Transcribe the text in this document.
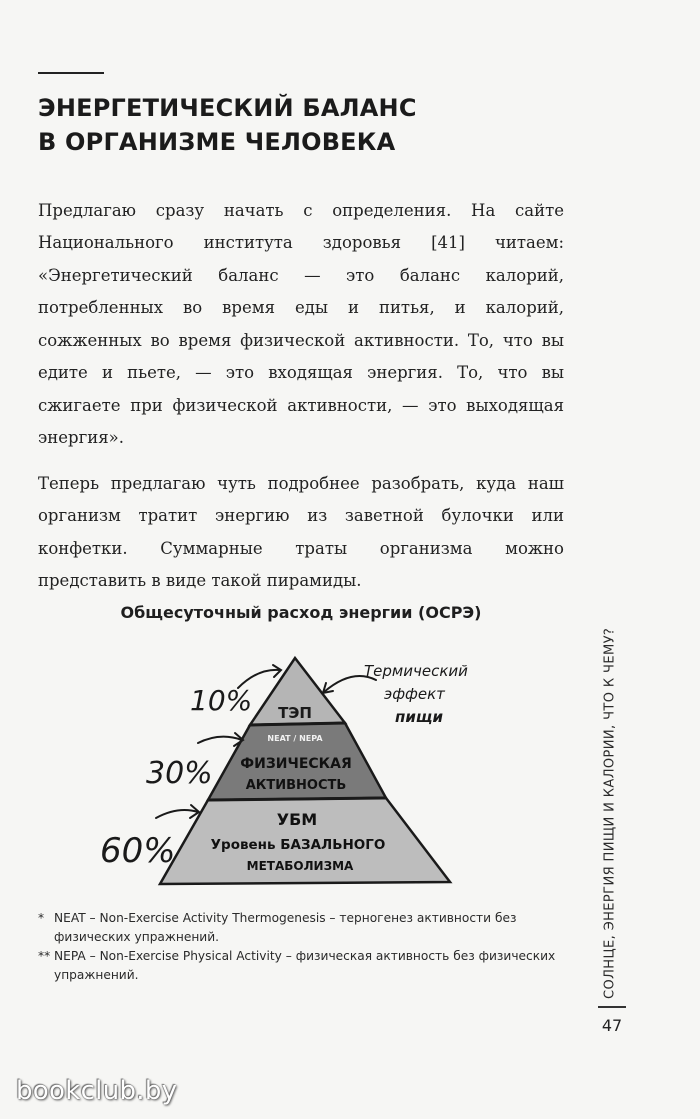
ЭНЕРГЕТИЧЕСКИЙ БАЛАНС
В ОРГАНИЗМЕ ЧЕЛОВЕКА

Предлагаю сразу начать с определения. На сайте Национального института здоровья [41] читаем: «Энергетический баланс — это баланс калорий, потребленных во время еды и питья, и калорий, сожженных во время физической активности. То, что вы едите и пьете, — это входящая энергия. То, что вы сжигаете при физической активности, — это выходящая энергия».

Теперь предлагаю чуть подробнее разобрать, куда наш организм тратит энергию из заветной булочки или конфетки. Суммарные траты организма можно представить в виде такой пирамиды.

Общесуточный расход энергии (ОСРЭ)
ТЭП
NEAT / NEPA
ФИЗИЧЕСКАЯ
АКТИВНОСТЬ
УБМ
Уровень БАЗАЛЬНОГО
МЕТАБОЛИЗМА
10%
30%
60%
Термический
эффект
пищи

* NEAT – Non-Exercise Activity Thermogenesis – терногенез активности без физических упражнений.

** NEPA – Non-Exercise Physical Activity – физическая активность без физических упражнений.	СОЛНЦЕ, ЭНЕРГИЯ ПИЩИ И КАЛОРИИ, ЧТО К ЧЕМУ?
47
bookclub.by
